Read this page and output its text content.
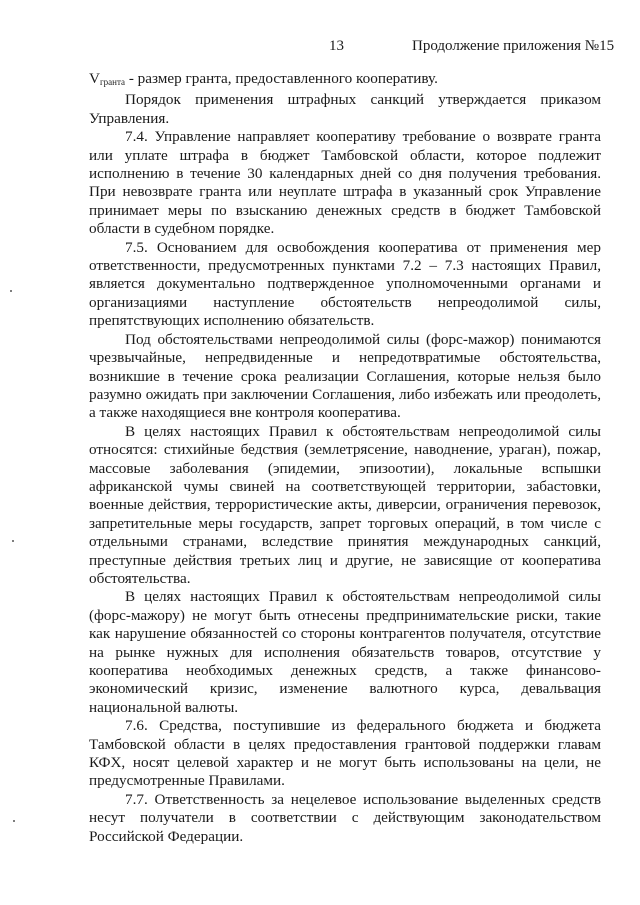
13	Продолжение приложения №15

$V_{гранта}$ - размер гранта, предоставленного кооперативу.

Порядок применения штрафных санкций утверждается приказом Управления.

7.4. Управление направляет кооперативу требование о возврате гранта или уплате штрафа в бюджет Тамбовской области, которое подлежит исполнению в течение 30 календарных дней со дня получения требования. При невозврате гранта или неуплате штрафа в указанный срок Управление принимает меры по взысканию денежных средств в бюджет Тамбовской области в судебном порядке.

7.5. Основанием для освобождения кооператива от применения мер ответственности, предусмотренных пунктами 7.2 – 7.3 настоящих Правил, является документально подтвержденное уполномоченными органами и организациями наступление обстоятельств непреодолимой силы, препятствующих исполнению обязательств.

Под обстоятельствами непреодолимой силы (форс-мажор) понимаются чрезвычайные, непредвиденные и непредотвратимые обстоятельства, возникшие в течение срока реализации Соглашения, которые нельзя было разумно ожидать при заключении Соглашения, либо избежать или преодолеть, а также находящиеся вне контроля кооператива.

В целях настоящих Правил к обстоятельствам непреодолимой силы относятся: стихийные бедствия (землетрясение, наводнение, ураган), пожар, массовые заболевания (эпидемии, эпизоотии), локальные вспышки африканской чумы свиней на соответствующей территории, забастовки, военные действия, террористические акты, диверсии, ограничения перевозок, запретительные меры государств, запрет торговых операций, в том числе с отдельными странами, вследствие принятия международных санкций, преступные действия третьих лиц и другие, не зависящие от кооператива обстоятельства.

В целях настоящих Правил к обстоятельствам непреодолимой силы (форс-мажору) не могут быть отнесены предпринимательские риски, такие как нарушение обязанностей со стороны контрагентов получателя, отсутствие на рынке нужных для исполнения обязательств товаров, отсутствие у кооператива необходимых денежных средств, а также финансово-экономический кризис, изменение валютного курса, девальвация национальной валюты.

7.6. Средства, поступившие из федерального бюджета и бюджета Тамбовской области в целях предоставления грантовой поддержки главам КФХ, носят целевой характер и не могут быть использованы на цели, не предусмотренные Правилами.

7.7. Ответственность за нецелевое использование выделенных средств несут получатели в соответствии с действующим законодательством Российской Федерации.
